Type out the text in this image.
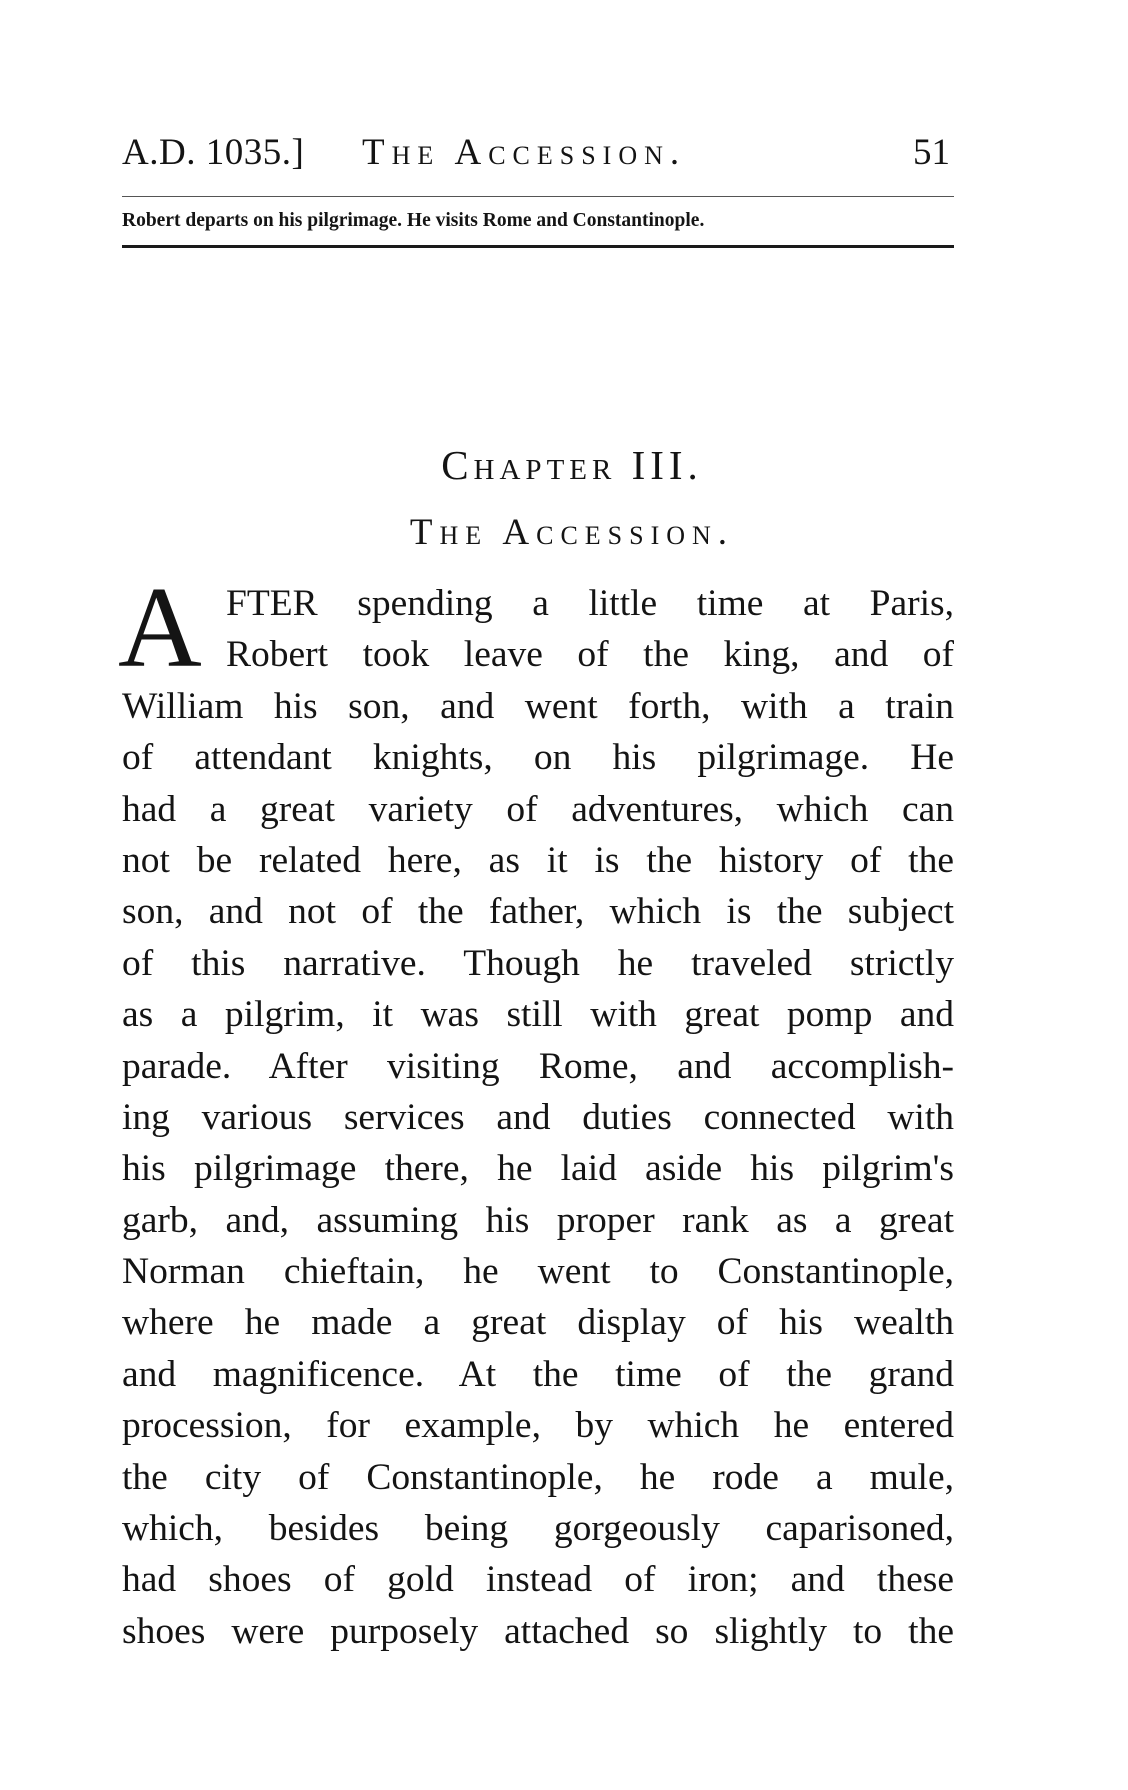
A.D. 1035.] The Accession.	51
Robert departs on his pilgrimage. He visits Rome and Constantinople.
Chapter III.
The Accession.
A FTER spending a little time at Paris,
Robert took leave of the king, and of
William his son, and went forth, with a train
of attendant knights, on his pilgrimage. He
had a great variety of adventures, which can
not be related here, as it is the history of the
son, and not of the father, which is the subject
of this narrative. Though he traveled strictly
as a pilgrim, it was still with great pomp and
parade. After visiting Rome, and accomplish-
ing various services and duties connected with
his pilgrimage there, he laid aside his pilgrim's
garb, and, assuming his proper rank as a great
Norman chieftain, he went to Constantinople,
where he made a great display of his wealth
and magnificence. At the time of the grand
procession, for example, by which he entered
the city of Constantinople, he rode a mule,
which, besides being gorgeously caparisoned,
had shoes of gold instead of iron; and these
shoes were purposely attached so slightly to the
